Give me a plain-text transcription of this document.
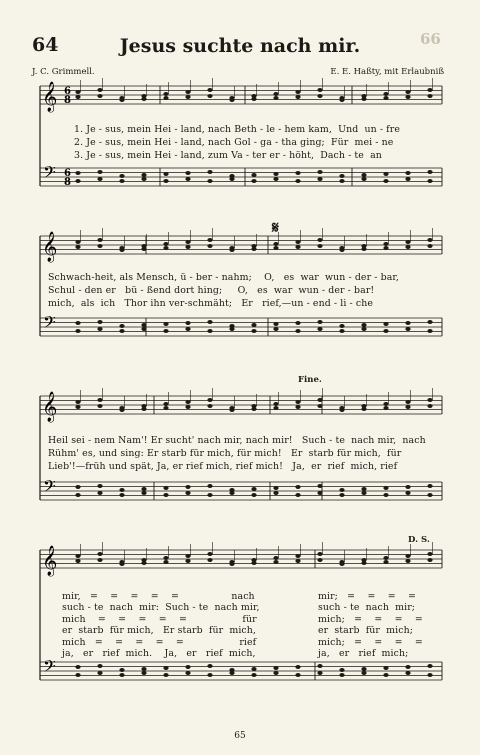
64	Jesus suchte nach mir.	66
J. C. Grimmell.	E. E. Haßty, mit Erlaubniß
𝄞
𝄞
𝄞
𝄞
𝄢
𝄢
𝄢
𝄢
6
8
6
8
1. Je - sus, mein Hei - land, nach Beth - le - hem kam,  Und  un - fre
2. Je - sus, mein Hei - land, nach Gol - ga - tha ging;  Für  mei - ne
3. Je - sus, mein Hei - land, zum Va - ter er - höht,  Dach - te  an
𝄋
Schwach-heit, als Mensch, ü - ber - nahm;    O,   es  war  wun - der - bar,
Schul - den er   bü - ßend dort hing;     O,   es  war  wun - der - bar!
mich,  als  ich   Thor ihn ver-schmäht;   Er   rief,—un - end - li - che
Fine.
Heil sei - nem Nam'! Er sucht' nach mir, nach mir!   Such - te  nach mir,  nach
Rühm' es, und sing: Er starb für mich, für mich!   Er  starb für mich,  für
Lieb'!—früh und spät, Ja, er rief mich, rief mich!   Ja,  er  rief  mich, rief
D. S.
mir,   =    =    =    =    =                 nach
such - te  nach  mir:  Such - te  nach mir,
mich    =    =    =    =    =                  für
er  starb  für mich,   Er starb  für  mich,
mich   =    =    =    =    =                  rief
ja,   er   rief  mich.    Ja,   er   rief  mich,
mir;   =    =    =    =
such - te  nach  mir;
mich;   =    =    =    =
er  starb  für  mich;
mich;   =    =    =    =
ja,   er   rief  mich;
65
